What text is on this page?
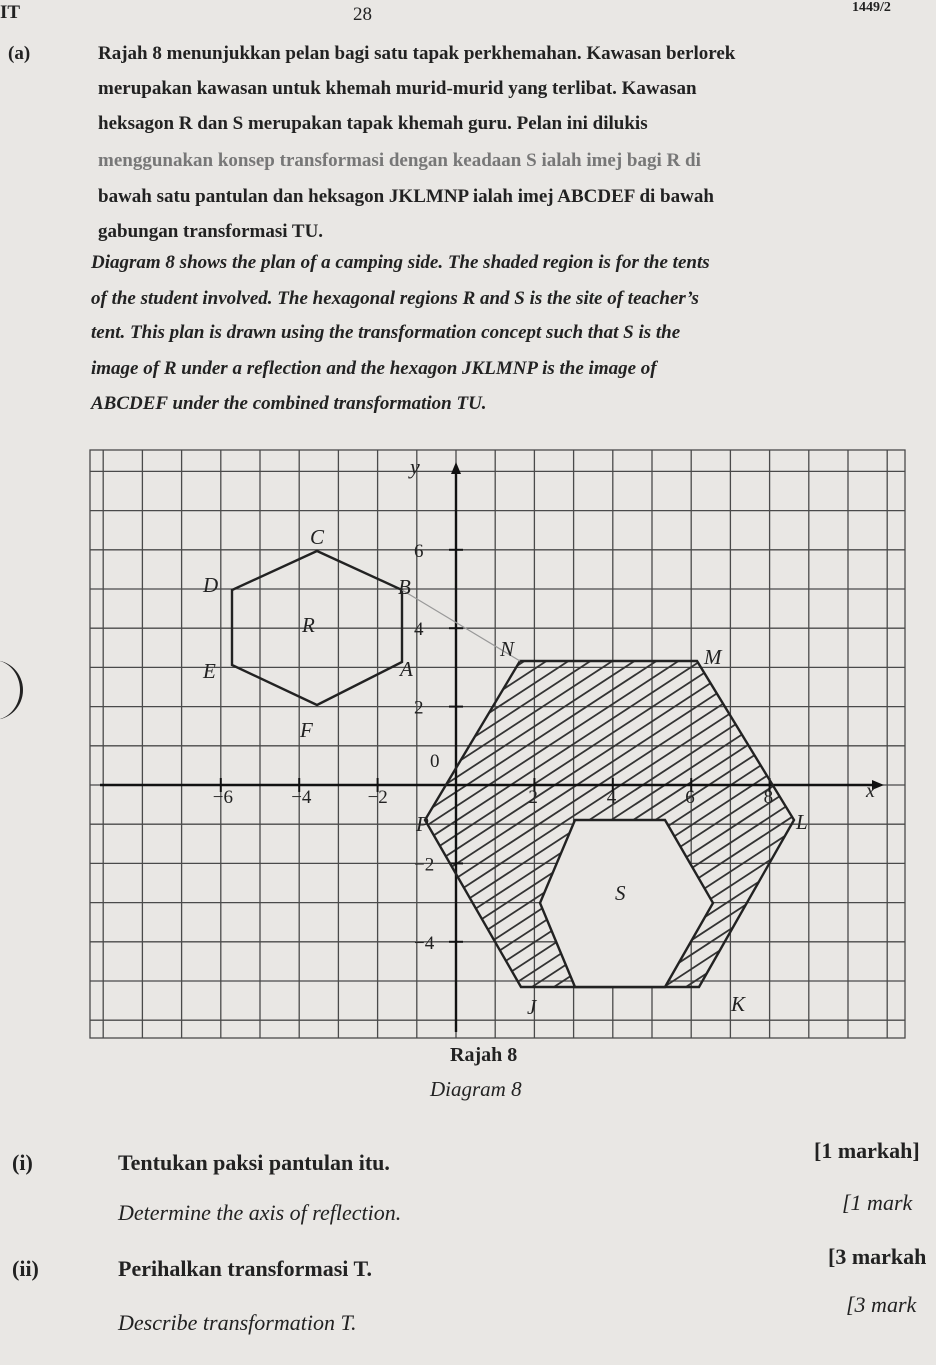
IT	28	1449/2
(a)	Rajah 8 menunjukkan pelan bagi satu tapak perkhemahan. Kawasan berlorek
merupakan kawasan untuk khemah murid-murid yang terlibat. Kawasan
heksagon R dan S merupakan tapak khemah guru. Pelan ini dilukis
menggunakan konsep transformasi dengan keadaan S ialah imej bagi R di
bawah satu pantulan dan heksagon JKLMNP ialah imej ABCDEF di bawah
gabungan transformasi TU.
Diagram 8 shows the plan of a camping side. The shaded region is for the tents
of the student involved. The hexagonal regions R and S is the site of teacher’s
tent. This plan is drawn using the transformation concept such that S is the
image of R under a reflection and the hexagon JKLMNP is the image of
ABCDEF under the combined transformation TU.
−6	−4	−2
0
2	4	6	8
6
4
2
−2
−4
x
y
A
B
C
D
E
F
J	K
L
M
N
P
R
S
Rajah 8
Diagram 8
(i)	Tentukan paksi pantulan itu.	[1 markah]
Determine the axis of reflection.	[1 mark
(ii)	Perihalkan transformasi T.	[3 markah
Describe transformation T.
[3 mark
